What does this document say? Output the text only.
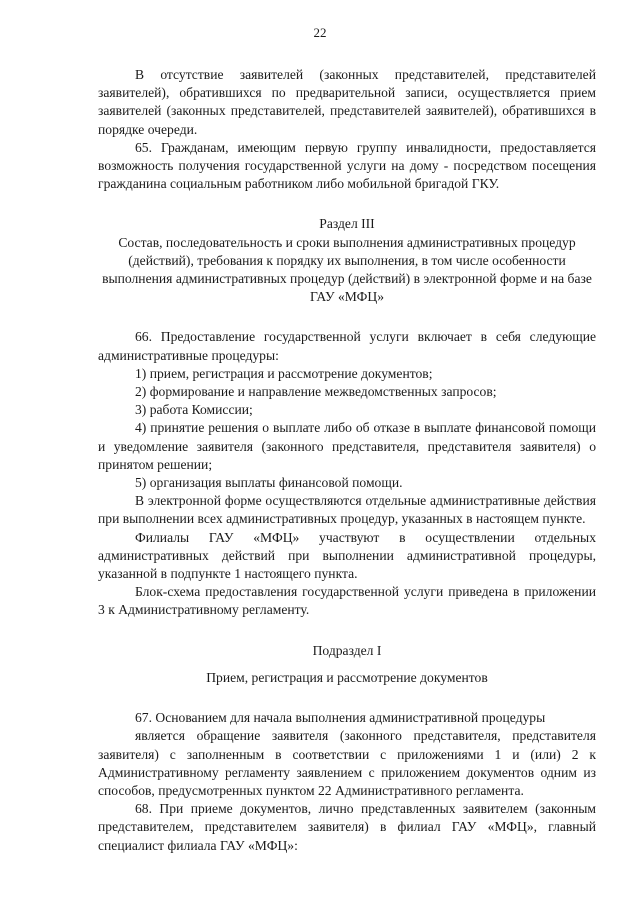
22

В отсутствие заявителей (законных представителей, представителей заявителей), обратившихся по предварительной записи, осуществляется прием заявителей (законных представителей, представителей заявителей), обратившихся в порядке очереди.

65. Гражданам, имеющим первую группу инвалидности, предоставляется возможность получения государственной услуги на дому - посредством посещения гражданина социальным работником либо мобильной бригадой ГКУ.

Раздел III

Состав, последовательность и сроки выполнения административных процедур (действий), требования к порядку их выполнения, в том числе особенности выполнения административных процедур (действий) в электронной форме и на базе ГАУ «МФЦ»

66. Предоставление государственной услуги включает в себя следующие административные процедуры:

1) прием, регистрация и рассмотрение документов;

2) формирование и направление межведомственных запросов;

3) работа Комиссии;

4) принятие решения о выплате либо об отказе в выплате финансовой помощи и уведомление заявителя (законного представителя, представителя заявителя) о принятом решении;

5) организация выплаты финансовой помощи.

В электронной форме осуществляются отдельные административные действия при выполнении всех административных процедур, указанных в настоящем пункте.

Филиалы ГАУ «МФЦ» участвуют в осуществлении отдельных административных действий при выполнении административной процедуры, указанной в подпункте 1 настоящего пункта.

Блок-схема предоставления государственной услуги приведена в приложении 3 к Административному регламенту.

Подраздел I

Прием, регистрация и рассмотрение документов

67. Основанием для начала выполнения административной процедуры

является обращение заявителя (законного представителя, представителя заявителя) с заполненным в соответствии с приложениями 1 и (или) 2 к Административному регламенту заявлением с приложением документов одним из способов, предусмотренных пунктом 22 Административного регламента.

68. При приеме документов, лично представленных заявителем (законным представителем, представителем заявителя) в филиал ГАУ «МФЦ», главный специалист филиала ГАУ «МФЦ»:
